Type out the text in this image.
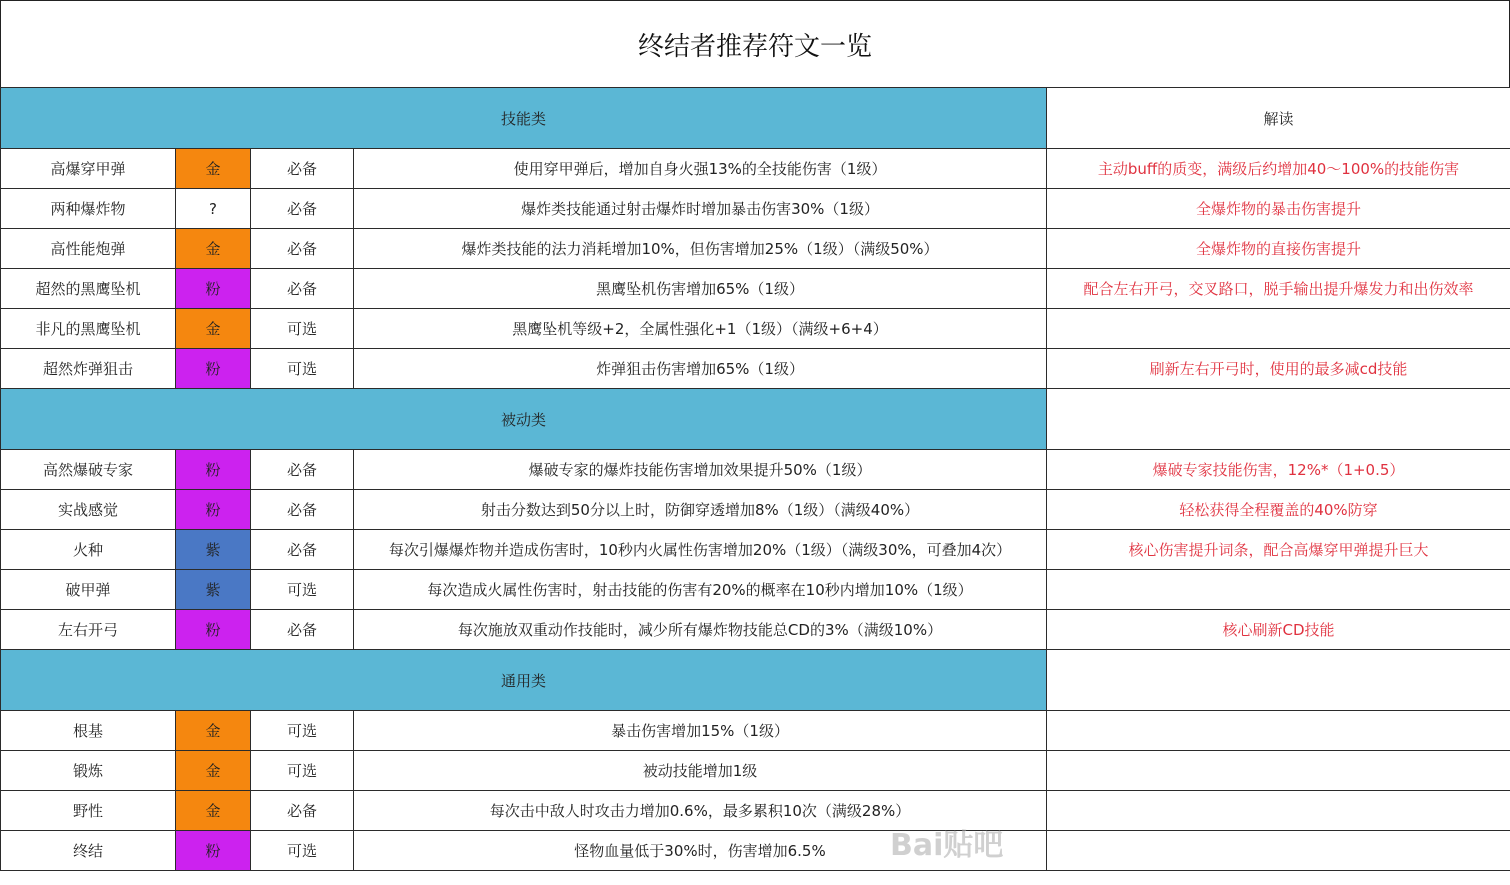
终结者推荐符文一览
技能类				解读
高爆穿甲弹	金	必备	使用穿甲弹后，增加自身火强13%的全技能伤害（1级）	主动buff的质变，满级后约增加40～100%的技能伤害
两种爆炸物	?	必备	爆炸类技能通过射击爆炸时增加暴击伤害30%（1级）	全爆炸物的暴击伤害提升
高性能炮弹	金	必备	爆炸类技能的法力消耗增加10%，但伤害增加25%（1级）（满级50%）	全爆炸物的直接伤害提升
超然的黑鹰坠机	粉	必备	黑鹰坠机伤害增加65%（1级）	配合左右开弓，交叉路口，脱手输出提升爆发力和出伤效率
非凡的黑鹰坠机	金	可选	黑鹰坠机等级+2，全属性强化+1（1级）（满级+6+4）	
超然炸弹狙击	粉	可选	炸弹狙击伤害增加65%（1级）	刷新左右开弓时，使用的最多减cd技能
被动类				
高然爆破专家	粉	必备	爆破专家的爆炸技能伤害增加效果提升50%（1级）	爆破专家技能伤害，12%*（1+0.5）
实战感觉	粉	必备	射击分数达到50分以上时，防御穿透增加8%（1级）（满级40%）	轻松获得全程覆盖的40%防穿
火种	紫	必备	每次引爆爆炸物并造成伤害时，10秒内火属性伤害增加20%（1级）（满级30%，可叠加4次）	核心伤害提升词条，配合高爆穿甲弹提升巨大
破甲弹	紫	可选	每次造成火属性伤害时，射击技能的伤害有20%的概率在10秒内增加10%（1级）	
左右开弓	粉	必备	每次施放双重动作技能时，减少所有爆炸物技能总CD的3%（满级10%）	核心刷新CD技能
通用类				
根基	金	可选	暴击伤害增加15%（1级）	
锻炼	金	可选	被动技能增加1级	
野性	金	必备	每次击中敌人时攻击力增加0.6%，最多累积10次（满级28%）	
终结	粉	可选	怪物血量低于30%时，伤害增加6.5%	Bai贴吧
